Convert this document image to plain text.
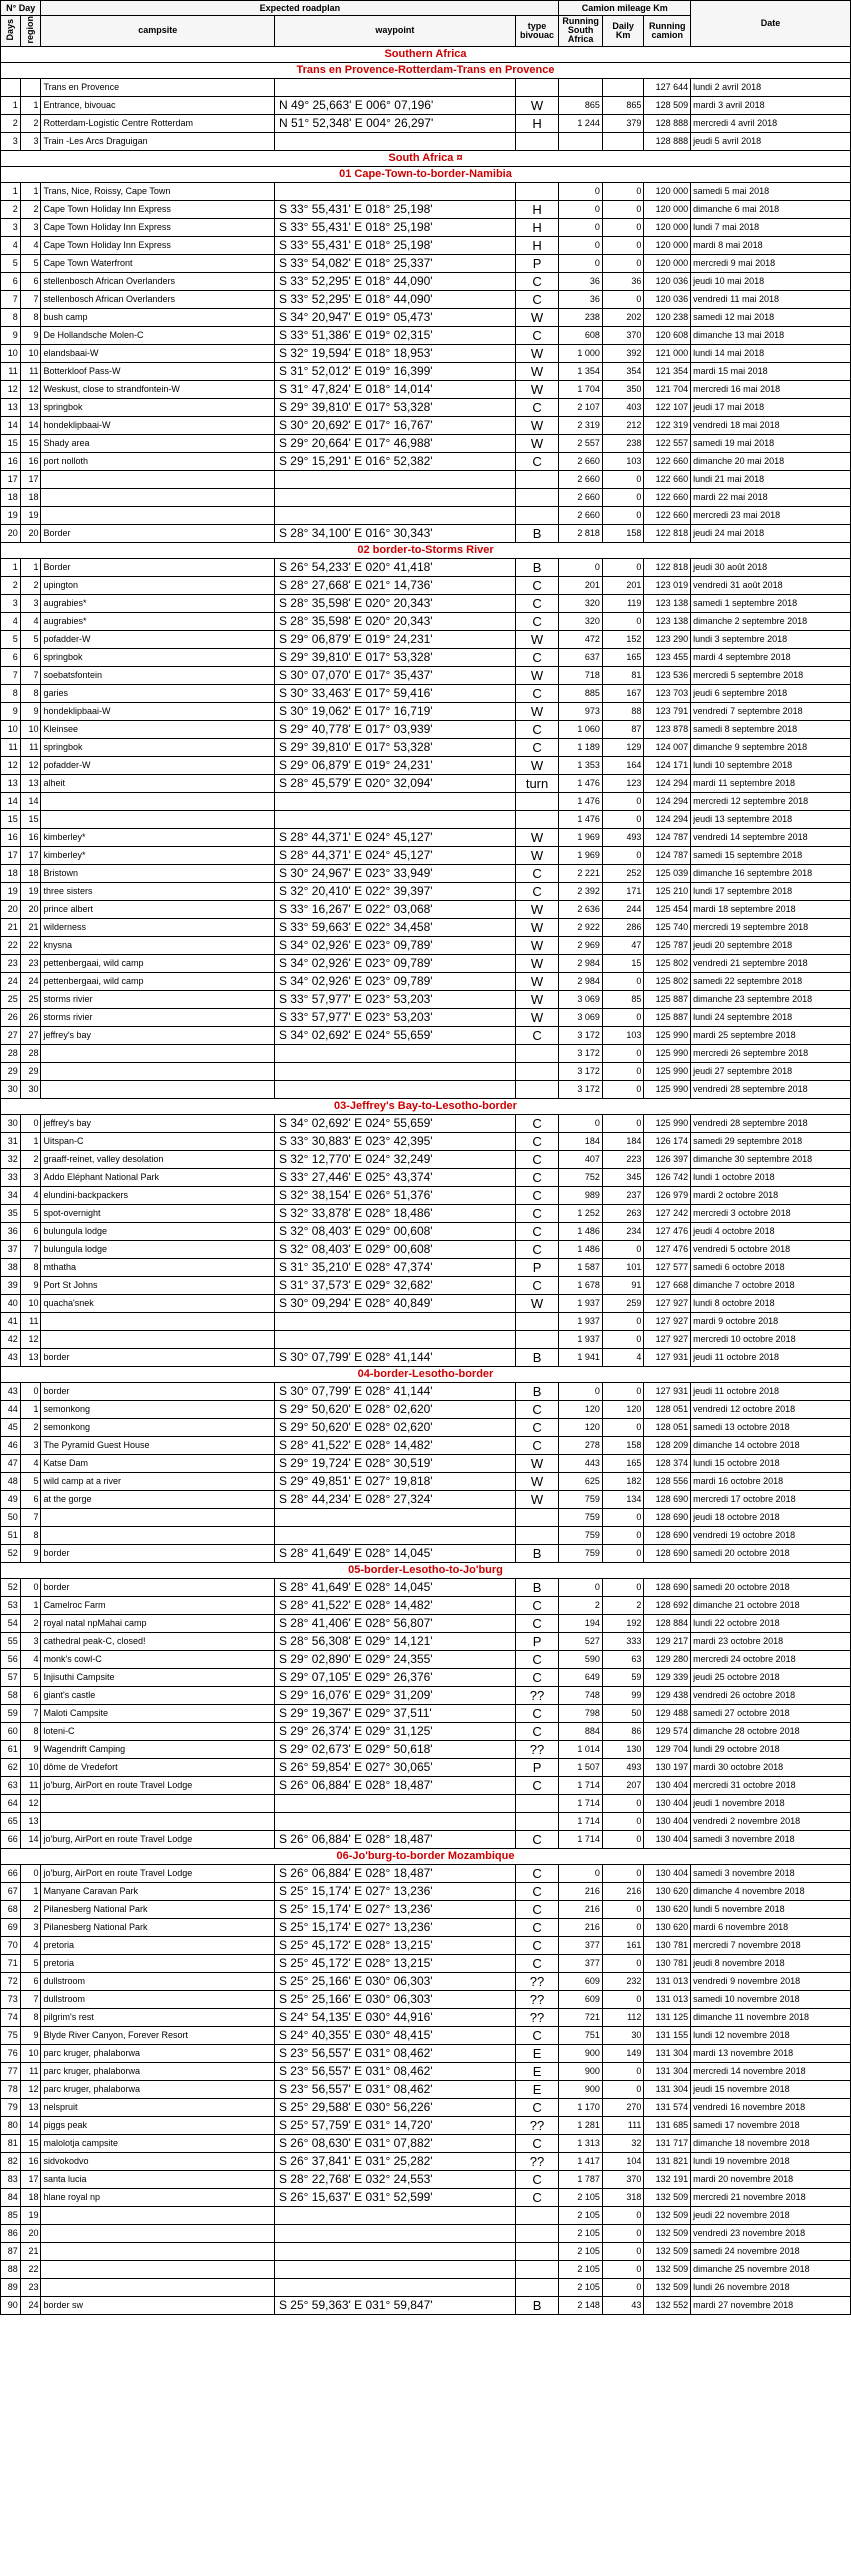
N° Day		Expected roadplan			Camion mileage Km			Date
Days	region	campsite	waypoint	type bivouac	Running South Africa	Daily Km	Running camion	
Southern Africa								
Trans en Provence-Rotterdam-Trans en Provence								
		Trans en Provence					127 644	lundi 2 avril 2018
1	1	Entrance, bivouac	N 49° 25,663' E 006° 07,196'	W	865	865	128 509	mardi 3 avril 2018
2	2	Rotterdam-Logistic Centre Rotterdam	N 51° 52,348' E 004° 26,297'	H	1 244	379	128 888	mercredi 4 avril 2018
3	3	Train -Les Arcs Draguigan					128 888	jeudi 5 avril 2018
South Africa ¤								
01 Cape-Town-to-border-Namibia								
1	1	Trans, Nice, Roissy, Cape Town			0	0	120 000	samedi 5 mai 2018
2	2	Cape Town Holiday Inn Express	S 33° 55,431' E 018° 25,198'	H	0	0	120 000	dimanche 6 mai 2018
3	3	Cape Town Holiday Inn Express	S 33° 55,431' E 018° 25,198'	H	0	0	120 000	lundi 7 mai 2018
4	4	Cape Town Holiday Inn Express	S 33° 55,431' E 018° 25,198'	H	0	0	120 000	mardi 8 mai 2018
5	5	Cape Town Waterfront	S 33° 54,082' E 018° 25,337'	P	0	0	120 000	mercredi 9 mai 2018
6	6	stellenbosch African Overlanders	S 33° 52,295' E 018° 44,090'	C	36	36	120 036	jeudi 10 mai 2018
7	7	stellenbosch African Overlanders	S 33° 52,295' E 018° 44,090'	C	36	0	120 036	vendredi 11 mai 2018
8	8	bush camp	S 34° 20,947' E 019° 05,473'	W	238	202	120 238	samedi 12 mai 2018
9	9	De Hollandsche Molen-C	S 33° 51,386' E 019° 02,315'	C	608	370	120 608	dimanche 13 mai 2018
10	10	elandsbaai-W	S 32° 19,594' E 018° 18,953'	W	1 000	392	121 000	lundi 14 mai 2018
11	11	Botterkloof Pass-W	S 31° 52,012' E 019° 16,399'	W	1 354	354	121 354	mardi 15 mai 2018
12	12	Weskust, close to strandfontein-W	S 31° 47,824' E 018° 14,014'	W	1 704	350	121 704	mercredi 16 mai 2018
13	13	springbok	S 29° 39,810' E 017° 53,328'	C	2 107	403	122 107	jeudi 17 mai 2018
14	14	hondeklipbaai-W	S 30° 20,692' E 017° 16,767'	W	2 319	212	122 319	vendredi 18 mai 2018
15	15	Shady area	S 29° 20,664' E 017° 46,988'	W	2 557	238	122 557	samedi 19 mai 2018
16	16	port nolloth	S 29° 15,291' E 016° 52,382'	C	2 660	103	122 660	dimanche 20 mai 2018
17	17				2 660	0	122 660	lundi 21 mai 2018
18	18				2 660	0	122 660	mardi 22 mai 2018
19	19				2 660	0	122 660	mercredi 23 mai 2018
20	20	Border	S 28° 34,100' E 016° 30,343'	B	2 818	158	122 818	jeudi 24 mai 2018
02 border-to-Storms River								
1	1	Border	S 26° 54,233' E 020° 41,418'	B	0	0	122 818	jeudi 30 août 2018
2	2	upington	S 28° 27,668' E 021° 14,736'	C	201	201	123 019	vendredi 31 août 2018
3	3	augrabies*	S 28° 35,598' E 020° 20,343'	C	320	119	123 138	samedi 1 septembre 2018
4	4	augrabies*	S 28° 35,598' E 020° 20,343'	C	320	0	123 138	dimanche 2 septembre 2018
5	5	pofadder-W	S 29° 06,879' E 019° 24,231'	W	472	152	123 290	lundi 3 septembre 2018
6	6	springbok	S 29° 39,810' E 017° 53,328'	C	637	165	123 455	mardi 4 septembre 2018
7	7	soebatsfontein	S 30° 07,070' E 017° 35,437'	W	718	81	123 536	mercredi 5 septembre 2018
8	8	garies	S 30° 33,463' E 017° 59,416'	C	885	167	123 703	jeudi 6 septembre 2018
9	9	hondeklipbaai-W	S 30° 19,062' E 017° 16,719'	W	973	88	123 791	vendredi 7 septembre 2018
10	10	Kleinsee	S 29° 40,778' E 017° 03,939'	C	1 060	87	123 878	samedi 8 septembre 2018
11	11	springbok	S 29° 39,810' E 017° 53,328'	C	1 189	129	124 007	dimanche 9 septembre 2018
12	12	pofadder-W	S 29° 06,879' E 019° 24,231'	W	1 353	164	124 171	lundi 10 septembre 2018
13	13	alheit	S 28° 45,579' E 020° 32,094'	turn	1 476	123	124 294	mardi 11 septembre 2018
14	14				1 476	0	124 294	mercredi 12 septembre 2018
15	15				1 476	0	124 294	jeudi 13 septembre 2018
16	16	kimberley*	S 28° 44,371' E 024° 45,127'	W	1 969	493	124 787	vendredi 14 septembre 2018
17	17	kimberley*	S 28° 44,371' E 024° 45,127'	W	1 969	0	124 787	samedi 15 septembre 2018
18	18	Bristown	S 30° 24,967' E 023° 33,949'	C	2 221	252	125 039	dimanche 16 septembre 2018
19	19	three sisters	S 32° 20,410' E 022° 39,397'	C	2 392	171	125 210	lundi 17 septembre 2018
20	20	prince albert	S 33° 16,267' E 022° 03,068'	W	2 636	244	125 454	mardi 18 septembre 2018
21	21	wilderness	S 33° 59,663' E 022° 34,458'	W	2 922	286	125 740	mercredi 19 septembre 2018
22	22	knysna	S 34° 02,926' E 023° 09,789'	W	2 969	47	125 787	jeudi 20 septembre 2018
23	23	pettenbergaai, wild camp	S 34° 02,926' E 023° 09,789'	W	2 984	15	125 802	vendredi 21 septembre 2018
24	24	pettenbergaai, wild camp	S 34° 02,926' E 023° 09,789'	W	2 984	0	125 802	samedi 22 septembre 2018
25	25	storms rivier	S 33° 57,977' E 023° 53,203'	W	3 069	85	125 887	dimanche 23 septembre 2018
26	26	storms rivier	S 33° 57,977' E 023° 53,203'	W	3 069	0	125 887	lundi 24 septembre 2018
27	27	jeffrey's bay	S 34° 02,692' E 024° 55,659'	C	3 172	103	125 990	mardi 25 septembre 2018
28	28				3 172	0	125 990	mercredi 26 septembre 2018
29	29				3 172	0	125 990	jeudi 27 septembre 2018
30	30				3 172	0	125 990	vendredi 28 septembre 2018
03-Jeffrey's Bay-to-Lesotho-border								
30	0	jeffrey's bay	S 34° 02,692' E 024° 55,659'	C	0	0	125 990	vendredi 28 septembre 2018
31	1	Uitspan-C	S 33° 30,883' E 023° 42,395'	C	184	184	126 174	samedi 29 septembre 2018
32	2	graaff-reinet, valley desolation	S 32° 12,770' E 024° 32,249'	C	407	223	126 397	dimanche 30 septembre 2018
33	3	Addo Eléphant National Park	S 33° 27,446' E 025° 43,374'	C	752	345	126 742	lundi 1 octobre 2018
34	4	elundini-backpackers	S 32° 38,154' E 026° 51,376'	C	989	237	126 979	mardi 2 octobre 2018
35	5	spot-overnight	S 32° 33,878' E 028° 18,486'	C	1 252	263	127 242	mercredi 3 octobre 2018
36	6	bulungula lodge	S 32° 08,403' E 029° 00,608'	C	1 486	234	127 476	jeudi 4 octobre 2018
37	7	bulungula lodge	S 32° 08,403' E 029° 00,608'	C	1 486	0	127 476	vendredi 5 octobre 2018
38	8	mthatha	S 31° 35,210' E 028° 47,374'	P	1 587	101	127 577	samedi 6 octobre 2018
39	9	Port St Johns	S 31° 37,573' E 029° 32,682'	C	1 678	91	127 668	dimanche 7 octobre 2018
40	10	quacha'snek	S 30° 09,294' E 028° 40,849'	W	1 937	259	127 927	lundi 8 octobre 2018
41	11				1 937	0	127 927	mardi 9 octobre 2018
42	12				1 937	0	127 927	mercredi 10 octobre 2018
43	13	border	S 30° 07,799' E 028° 41,144'	B	1 941	4	127 931	jeudi 11 octobre 2018
04-border-Lesotho-border								
43	0	border	S 30° 07,799' E 028° 41,144'	B	0	0	127 931	jeudi 11 octobre 2018
44	1	semonkong	S 29° 50,620' E 028° 02,620'	C	120	120	128 051	vendredi 12 octobre 2018
45	2	semonkong	S 29° 50,620' E 028° 02,620'	C	120	0	128 051	samedi 13 octobre 2018
46	3	The Pyramid Guest House	S 28° 41,522' E 028° 14,482'	C	278	158	128 209	dimanche 14 octobre 2018
47	4	Katse Dam	S 29° 19,724' E 028° 30,519'	W	443	165	128 374	lundi 15 octobre 2018
48	5	wild camp at a river	S 29° 49,851' E 027° 19,818'	W	625	182	128 556	mardi 16 octobre 2018
49	6	at the gorge	S 28° 44,234' E 028° 27,324'	W	759	134	128 690	mercredi 17 octobre 2018
50	7				759	0	128 690	jeudi 18 octobre 2018
51	8				759	0	128 690	vendredi 19 octobre 2018
52	9	border	S 28° 41,649' E 028° 14,045'	B	759	0	128 690	samedi 20 octobre 2018
05-border-Lesotho-to-Jo'burg								
52	0	border	S 28° 41,649' E 028° 14,045'	B	0	0	128 690	samedi 20 octobre 2018
53	1	Camelroc Farm	S 28° 41,522' E 028° 14,482'	C	2	2	128 692	dimanche 21 octobre 2018
54	2	royal natal npMahai camp	S 28° 41,406' E 028° 56,807'	C	194	192	128 884	lundi 22 octobre 2018
55	3	cathedral peak-C, closed!	S 28° 56,308' E 029° 14,121'	P	527	333	129 217	mardi 23 octobre 2018
56	4	monk's cowl-C	S 29° 02,890' E 029° 24,355'	C	590	63	129 280	mercredi 24 octobre 2018
57	5	Injisuthi Campsite	S 29° 07,105' E 029° 26,376'	C	649	59	129 339	jeudi 25 octobre 2018
58	6	giant's castle	S 29° 16,076' E 029° 31,209'	??	748	99	129 438	vendredi 26 octobre 2018
59	7	Maloti Campsite	S 29° 19,367' E 029° 37,511'	C	798	50	129 488	samedi 27 octobre 2018
60	8	loteni-C	S 29° 26,374' E 029° 31,125'	C	884	86	129 574	dimanche 28 octobre 2018
61	9	Wagendrift Camping	S 29° 02,673' E 029° 50,618'	??	1 014	130	129 704	lundi 29 octobre 2018
62	10	dôme de Vredefort	S 26° 59,854' E 027° 30,065'	P	1 507	493	130 197	mardi 30 octobre 2018
63	11	jo'burg, AirPort en route Travel Lodge	S 26° 06,884' E 028° 18,487'	C	1 714	207	130 404	mercredi 31 octobre 2018
64	12				1 714	0	130 404	jeudi 1 novembre 2018
65	13				1 714	0	130 404	vendredi 2 novembre 2018
66	14	jo'burg, AirPort en route Travel Lodge	S 26° 06,884' E 028° 18,487'	C	1 714	0	130 404	samedi 3 novembre 2018
06-Jo'burg-to-border Mozambique								
66	0	jo'burg, AirPort en route Travel Lodge	S 26° 06,884' E 028° 18,487'	C	0	0	130 404	samedi 3 novembre 2018
67	1	Manyane Caravan Park	S 25° 15,174' E 027° 13,236'	C	216	216	130 620	dimanche 4 novembre 2018
68	2	Pilanesberg National Park	S 25° 15,174' E 027° 13,236'	C	216	0	130 620	lundi 5 novembre 2018
69	3	Pilanesberg National Park	S 25° 15,174' E 027° 13,236'	C	216	0	130 620	mardi 6 novembre 2018
70	4	pretoria	S 25° 45,172' E 028° 13,215'	C	377	161	130 781	mercredi 7 novembre 2018
71	5	pretoria	S 25° 45,172' E 028° 13,215'	C	377	0	130 781	jeudi 8 novembre 2018
72	6	dullstroom	S 25° 25,166' E 030° 06,303'	??	609	232	131 013	vendredi 9 novembre 2018
73	7	dullstroom	S 25° 25,166' E 030° 06,303'	??	609	0	131 013	samedi 10 novembre 2018
74	8	pilgrim's rest	S 24° 54,135' E 030° 44,916'	??	721	112	131 125	dimanche 11 novembre 2018
75	9	Blyde River Canyon, Forever Resort	S 24° 40,355' E 030° 48,415'	C	751	30	131 155	lundi 12 novembre 2018
76	10	parc kruger, phalaborwa	S 23° 56,557' E 031° 08,462'	E	900	149	131 304	mardi 13 novembre 2018
77	11	parc kruger, phalaborwa	S 23° 56,557' E 031° 08,462'	E	900	0	131 304	mercredi 14 novembre 2018
78	12	parc kruger, phalaborwa	S 23° 56,557' E 031° 08,462'	E	900	0	131 304	jeudi 15 novembre 2018
79	13	nelspruit	S 25° 29,588' E 030° 56,226'	C	1 170	270	131 574	vendredi 16 novembre 2018
80	14	piggs peak	S 25° 57,759' E 031° 14,720'	??	1 281	111	131 685	samedi 17 novembre 2018
81	15	malolotja campsite	S 26° 08,630' E 031° 07,882'	C	1 313	32	131 717	dimanche 18 novembre 2018
82	16	sidvokodvo	S 26° 37,841' E 031° 25,282'	??	1 417	104	131 821	lundi 19 novembre 2018
83	17	santa lucia	S 28° 22,768' E 032° 24,553'	C	1 787	370	132 191	mardi 20 novembre 2018
84	18	hlane royal np	S 26° 15,637' E 031° 52,599'	C	2 105	318	132 509	mercredi 21 novembre 2018
85	19				2 105	0	132 509	jeudi 22 novembre 2018
86	20				2 105	0	132 509	vendredi 23 novembre 2018
87	21				2 105	0	132 509	samedi 24 novembre 2018
88	22				2 105	0	132 509	dimanche 25 novembre 2018
89	23				2 105	0	132 509	lundi 26 novembre 2018
90	24	border sw	S 25° 59,363' E 031° 59,847'	B	2 148	43	132 552	mardi 27 novembre 2018
